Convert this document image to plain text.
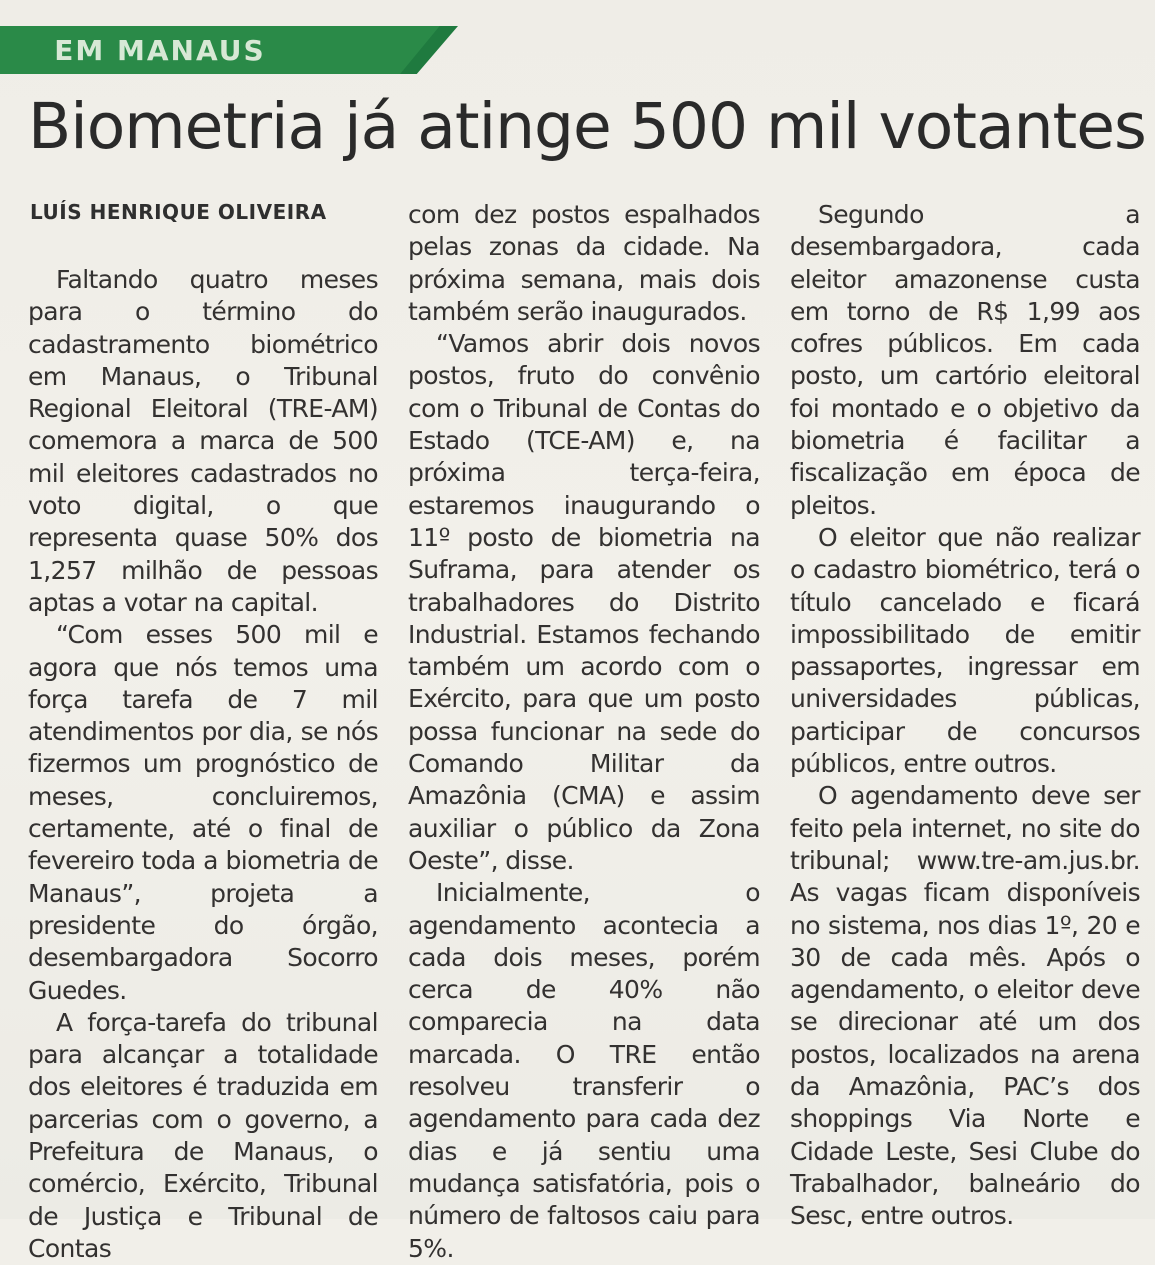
EM MANAUS
Biometria já atinge 500 mil votantes
LUÍS HENRIQUE OLIVEIRA

Faltando quatro meses para o término do cadastramento biométrico em Manaus, o Tribunal Regional Eleitoral (TRE-AM) comemora a marca de 500 mil eleitores cadastrados no voto digital, o que representa quase 50% dos 1,257 milhão de pessoas aptas a votar na capital.

“Com esses 500 mil e agora que nós temos uma força tarefa de 7 mil atendimentos por dia, se nós fizermos um prognóstico de meses, concluiremos, certamente, até o final de fevereiro toda a biometria de Manaus”, projeta a presidente do órgão, desembargadora Socorro Guedes.

A força-tarefa do tribunal para alcançar a totalidade dos eleitores é traduzida em parcerias com o governo, a Prefeitura de Manaus, o comércio, Exército, Tribunal de Justiça e Tribunal de Contas

com dez postos espalhados pelas zonas da cidade. Na próxima semana, mais dois também serão inaugurados.

“Vamos abrir dois novos postos, fruto do convênio com o Tribunal de Contas do Estado (TCE-AM) e, na próxima terça-feira, estaremos inaugurando o 11º posto de biometria na Suframa, para atender os trabalhadores do Distrito Industrial. Estamos fechando também um acordo com o Exército, para que um posto possa funcionar na sede do Comando Militar da Amazônia (CMA) e assim auxiliar o público da Zona Oeste”, disse.

Inicialmente, o agendamento acontecia a cada dois meses, porém cerca de 40% não comparecia na data marcada. O TRE então resolveu transferir o agendamento para cada dez dias e já sentiu uma mudança satisfatória, pois o número de faltosos caiu para 5%.

Segundo a desembargadora, cada eleitor amazonense custa em torno de R$ 1,99 aos cofres públicos. Em cada posto, um cartório eleitoral foi montado e o objetivo da biometria é facilitar a fiscalização em época de pleitos.

O eleitor que não realizar o cadastro biométrico, terá o título cancelado e ficará impossibilitado de emitir passaportes, ingressar em universidades públicas, participar de concursos públicos, entre outros.

O agendamento deve ser feito pela internet, no site do tribunal; www.tre-am.jus.br. As vagas ficam disponíveis no sistema, nos dias 1º, 20 e 30 de cada mês. Após o agendamento, o eleitor deve se direcionar até um dos postos, localizados na arena da Amazônia, PAC’s dos shoppings Via Norte e Cidade Leste, Sesi Clube do Trabalhador, balneário do Sesc, entre outros.
